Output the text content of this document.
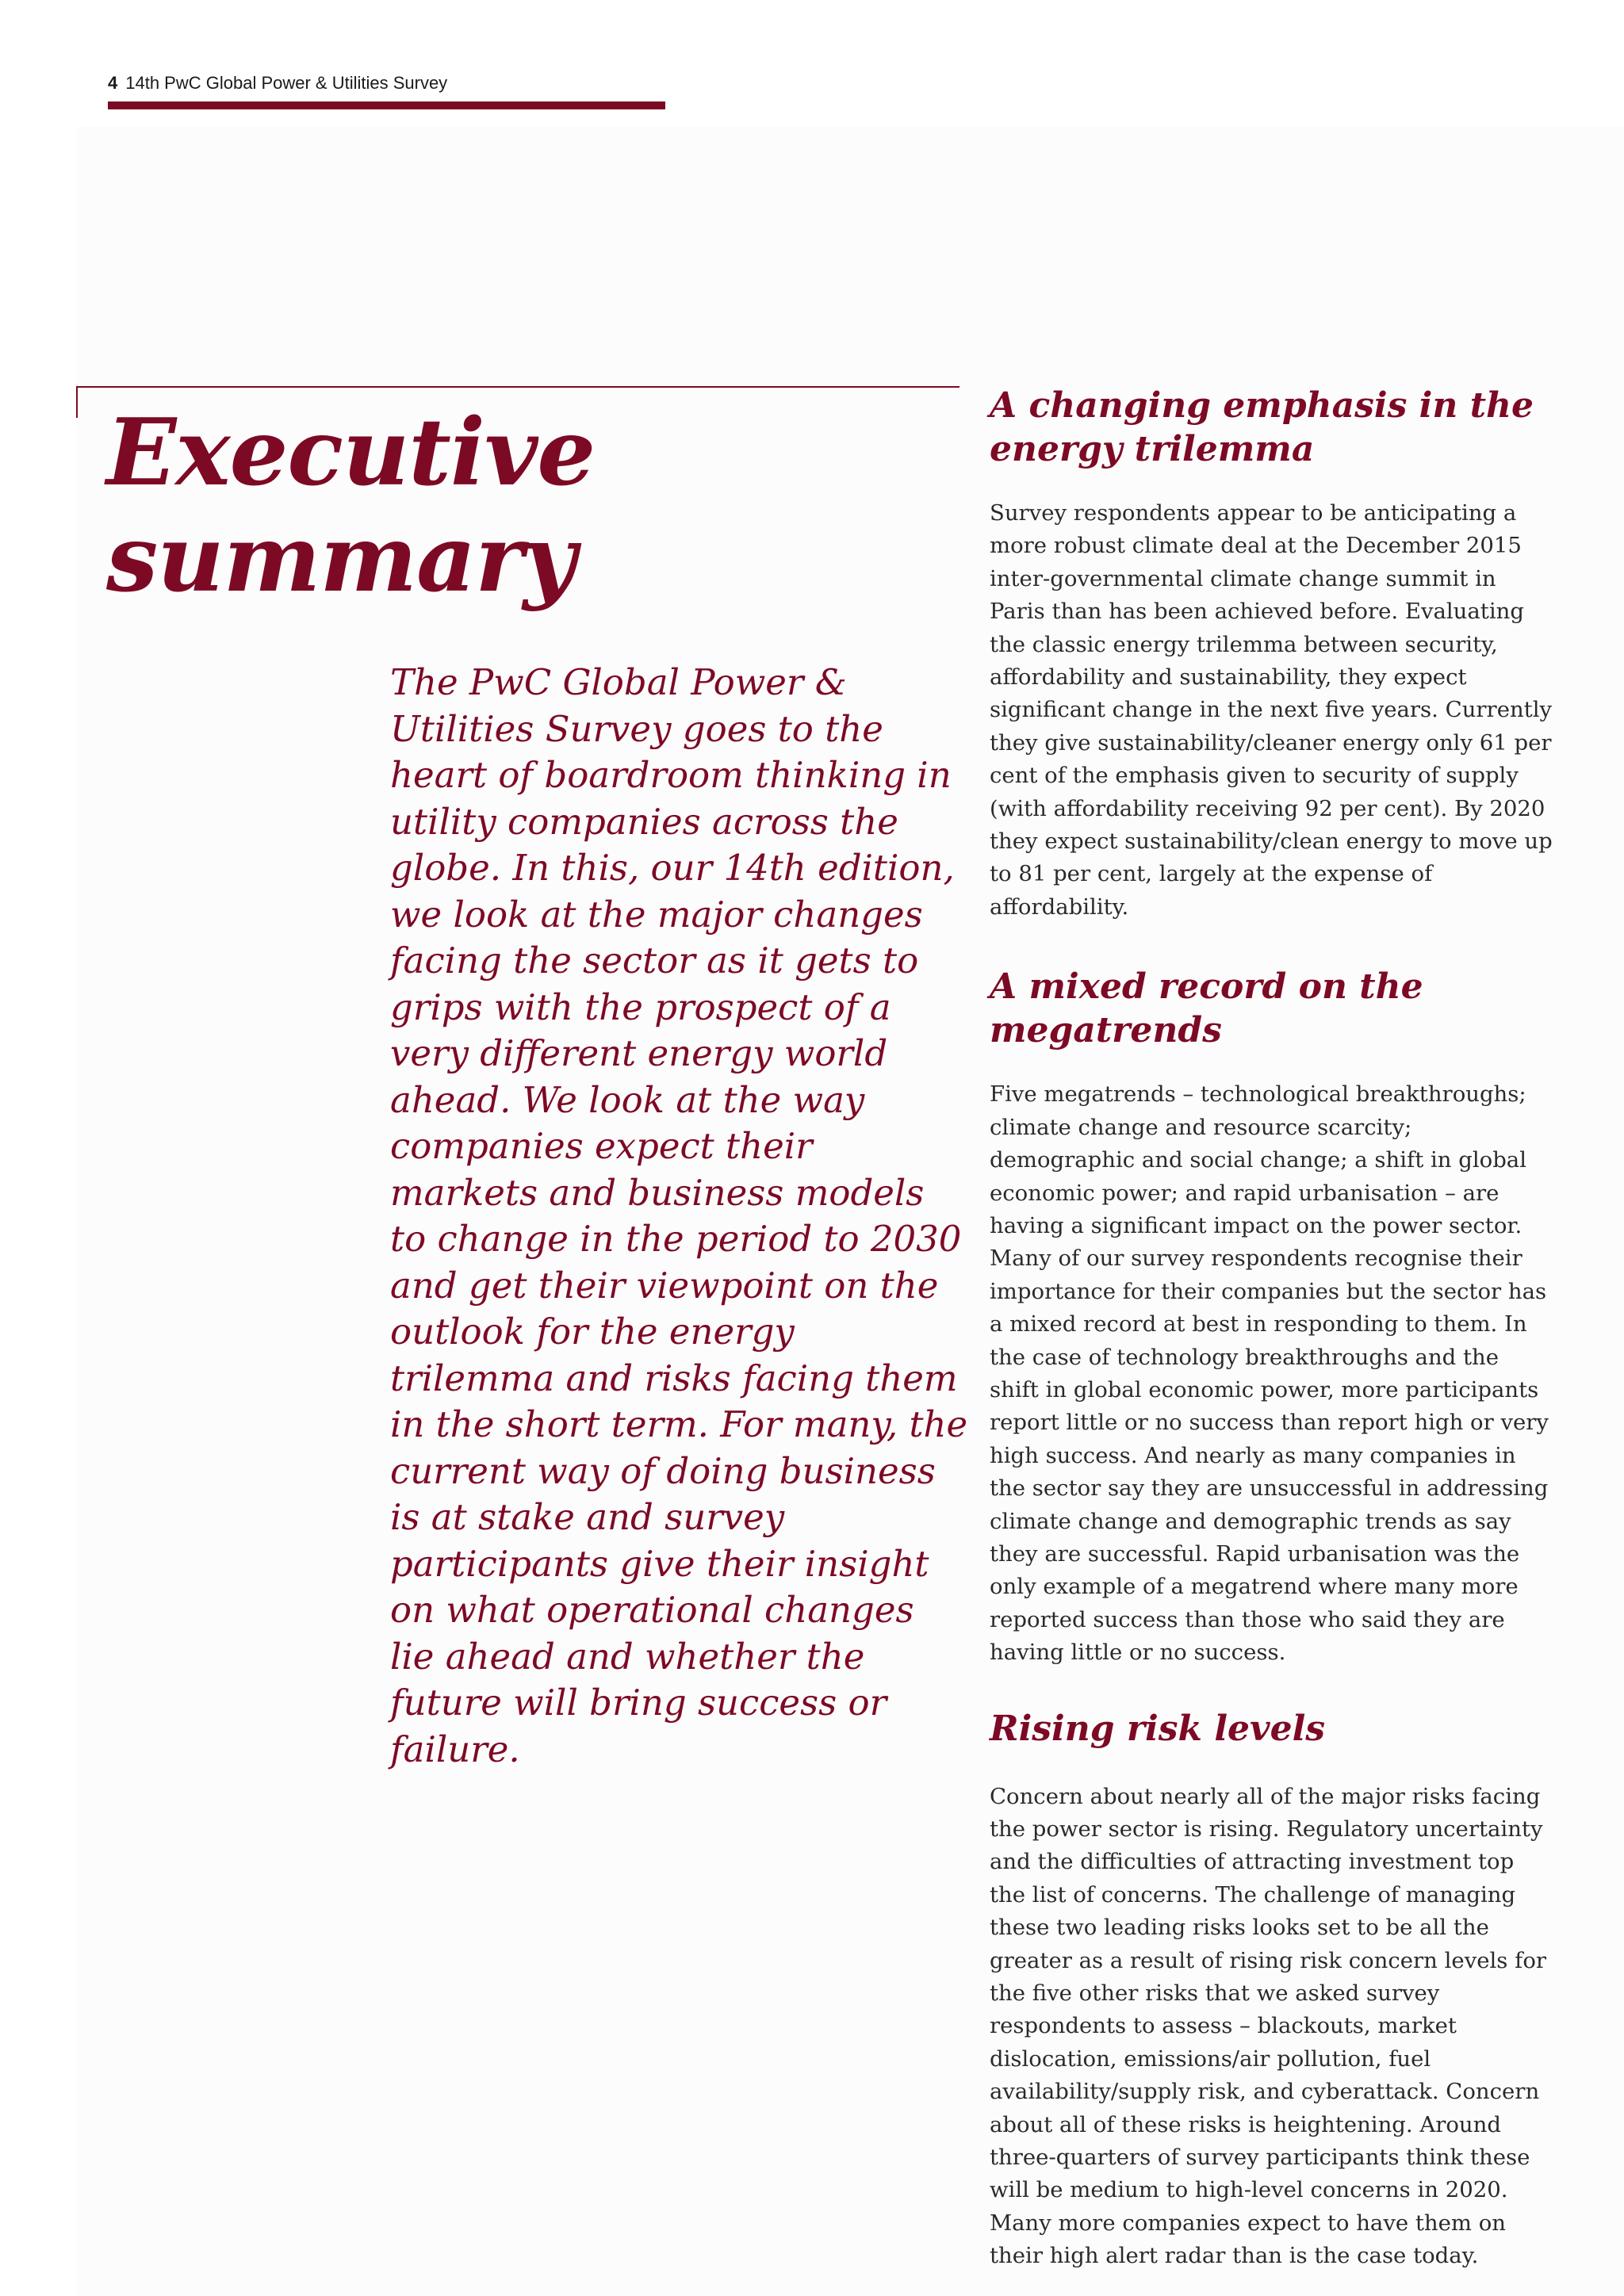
4 14th PwC Global Power & Utilities Survey
Executive
summary

The PwC Global Power & Utilities Survey goes to the heart of boardroom thinking in utility companies across the globe. In this, our 14th edition, we look at the major changes facing the sector as it gets to grips with the prospect of a very different energy world ahead. We look at the way companies expect their markets and business models to change in the period to 2030 and get their viewpoint on the outlook for the energy trilemma and risks facing them in the short term. For many, the current way of doing business is at stake and survey participants give their insight on what operational changes lie ahead and whether the future will bring success or failure.

A changing emphasis in the energy trilemma

Survey respondents appear to be anticipating a more robust climate deal at the December 2015 inter-governmental climate change summit in Paris than has been achieved before. Evaluating the classic energy trilemma between security, affordability and sustainability, they expect significant change in the next five years. Currently they give sustainability/cleaner energy only 61 per cent of the emphasis given to security of supply (with affordability receiving 92 per cent). By 2020 they expect sustainability/clean energy to move up to 81 per cent, largely at the expense of affordability.

A mixed record on the megatrends

Five megatrends – technological breakthroughs; climate change and resource scarcity; demographic and social change; a shift in global economic power; and rapid urbanisation – are having a significant impact on the power sector. Many of our survey respondents recognise their importance for their companies but the sector has a mixed record at best in responding to them. In the case of technology breakthroughs and the shift in global economic power, more participants report little or no success than report high or very high success. And nearly as many companies in the sector say they are unsuccessful in addressing climate change and demographic trends as say they are successful. Rapid urbanisation was the only example of a megatrend where many more reported success than those who said they are having little or no success.

Rising risk levels

Concern about nearly all of the major risks facing the power sector is rising. Regulatory uncertainty and the difficulties of attracting investment top the list of concerns. The challenge of managing these two leading risks looks set to be all the greater as a result of rising risk concern levels for the five other risks that we asked survey respondents to assess – blackouts, market dislocation, emissions/air pollution, fuel availability/supply risk, and cyberattack. Concern about all of these risks is heightening. Around three-quarters of survey participants think these will be medium to high-level concerns in 2020. Many more companies expect to have them on their high alert radar than is the case today.
